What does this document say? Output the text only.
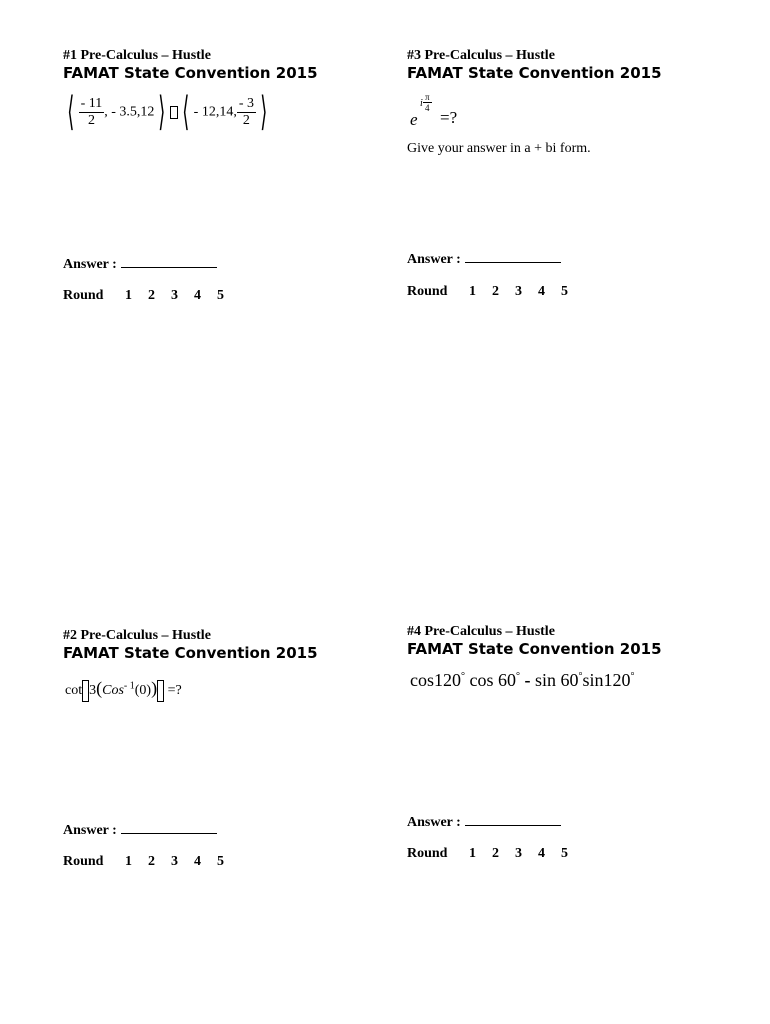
#1 Pre-Calculus – Hustle
FAMAT State Convention 2015
⟨ $\frac{- 11}{2}$ , - 3.5,12 ⟩ ⟨ - 12,14, $\frac{- 3}{2}$ ⟩
Answer :
Round 1 2 3 4 5
#3 Pre-Calculus – Hustle
FAMAT State Convention 2015
e
i $\frac{\pi}{4}$
=?
Give your answer in a + bi form.
Answer :
Round 1 2 3 4 5
#2 Pre-Calculus – Hustle
FAMAT State Convention 2015
cot 3(Cos$^{- 1}$(0)) =?
Answer :
Round 1 2 3 4 5
#4 Pre-Calculus – Hustle
FAMAT State Convention 2015
cos120° cos 60° - sin 60°sin120°
Answer :
Round 1 2 3 4 5
